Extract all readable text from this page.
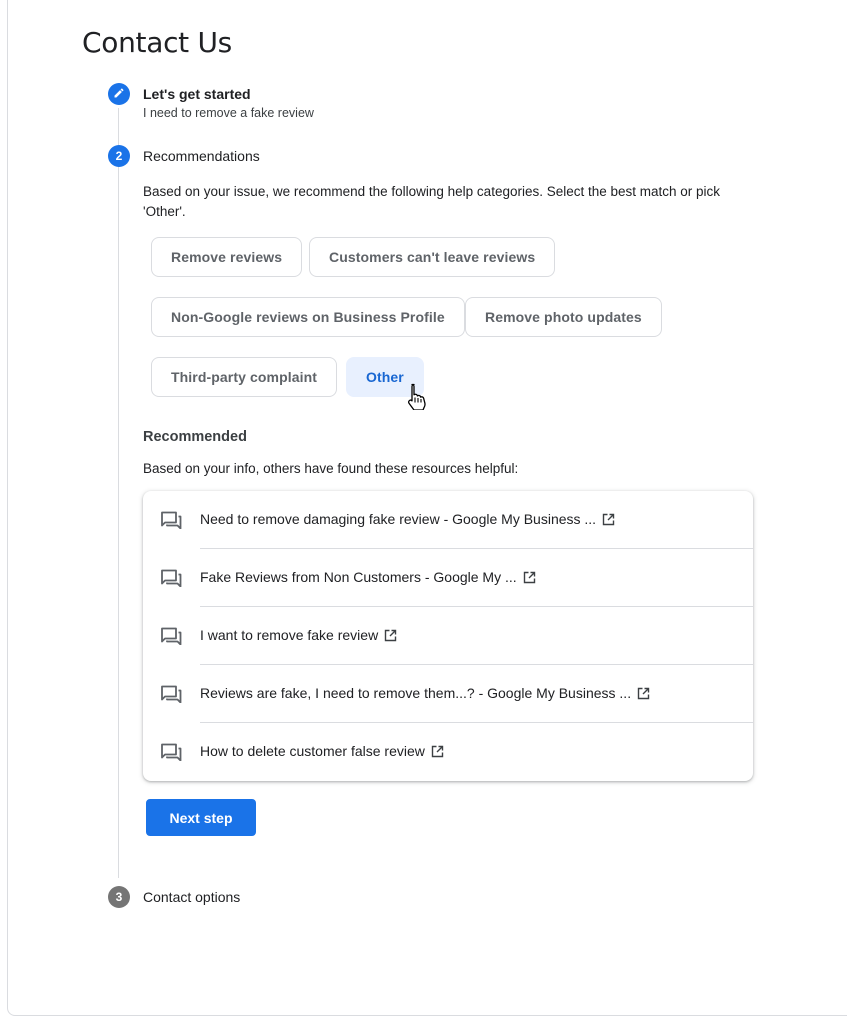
Contact Us
Let's get started
I need to remove a fake review
2	Recommendations

Based on your issue, we recommend the following help categories. Select the best match or pick 'Other'.

Remove reviews	Customers can't leave reviews
Non-Google reviews on Business Profile	Remove photo updates
Third-party complaint	Other
Recommended
Based on your info, others have found these resources helpful:
Need to remove damaging fake review - Google My Business ...
Fake Reviews from Non Customers - Google My ...
I want to remove fake review
Reviews are fake, I need to remove them...? - Google My Business ...
How to delete customer false review
Next step
3	Contact options
